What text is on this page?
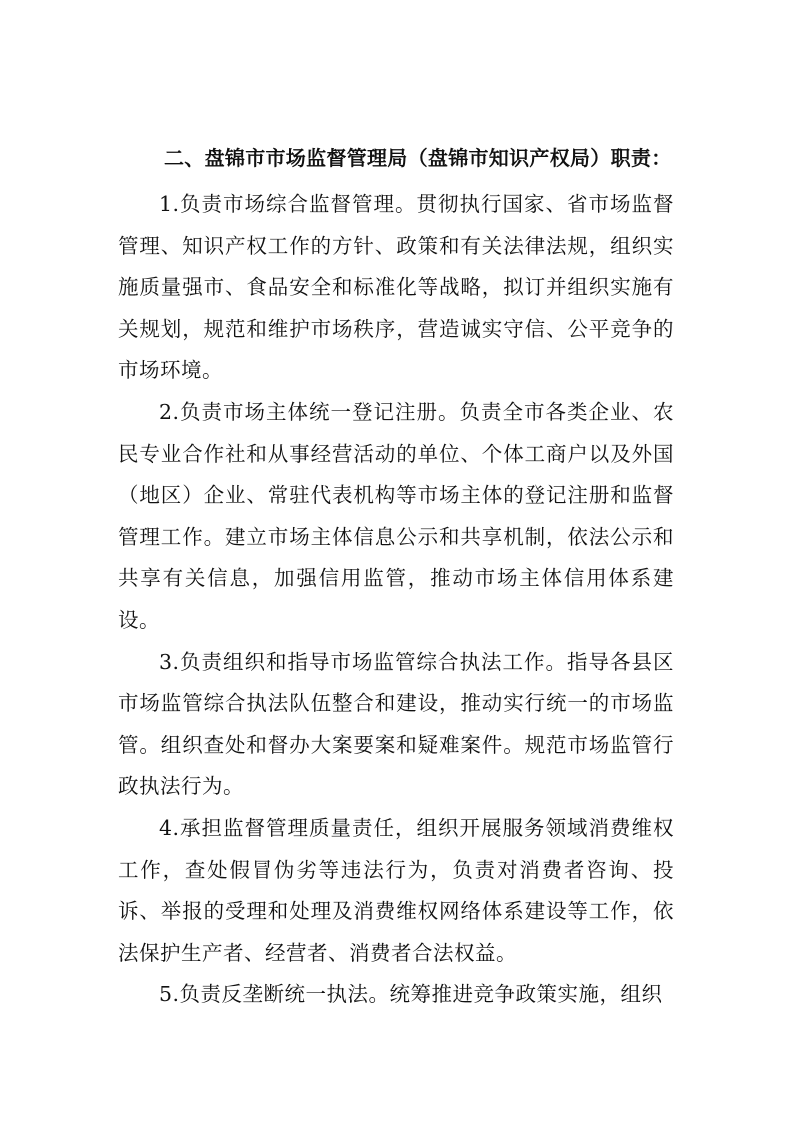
二、盘锦市市场监督管理局（盘锦市知识产权局）职责：

1.负责市场综合监督管理。贯彻执行国家、省市场监督管理、知识产权工作的方针、政策和有关法律法规，组织实施质量强市、食品安全和标准化等战略，拟订并组织实施有关规划，规范和维护市场秩序，营造诚实守信、公平竞争的市场环境。

2.负责市场主体统一登记注册。负责全市各类企业、农民专业合作社和从事经营活动的单位、个体工商户以及外国（地区）企业、常驻代表机构等市场主体的登记注册和监督管理工作。建立市场主体信息公示和共享机制，依法公示和共享有关信息，加强信用监管，推动市场主体信用体系建设。

3.负责组织和指导市场监管综合执法工作。指导各县区市场监管综合执法队伍整合和建设，推动实行统一的市场监管。组织查处和督办大案要案和疑难案件。规范市场监管行政执法行为。

4.承担监督管理质量责任，组织开展服务领域消费维权工作，查处假冒伪劣等违法行为，负责对消费者咨询、投诉、举报的受理和处理及消费维权网络体系建设等工作，依法保护生产者、经营者、消费者合法权益。

5.负责反垄断统一执法。统筹推进竞争政策实施，组织
